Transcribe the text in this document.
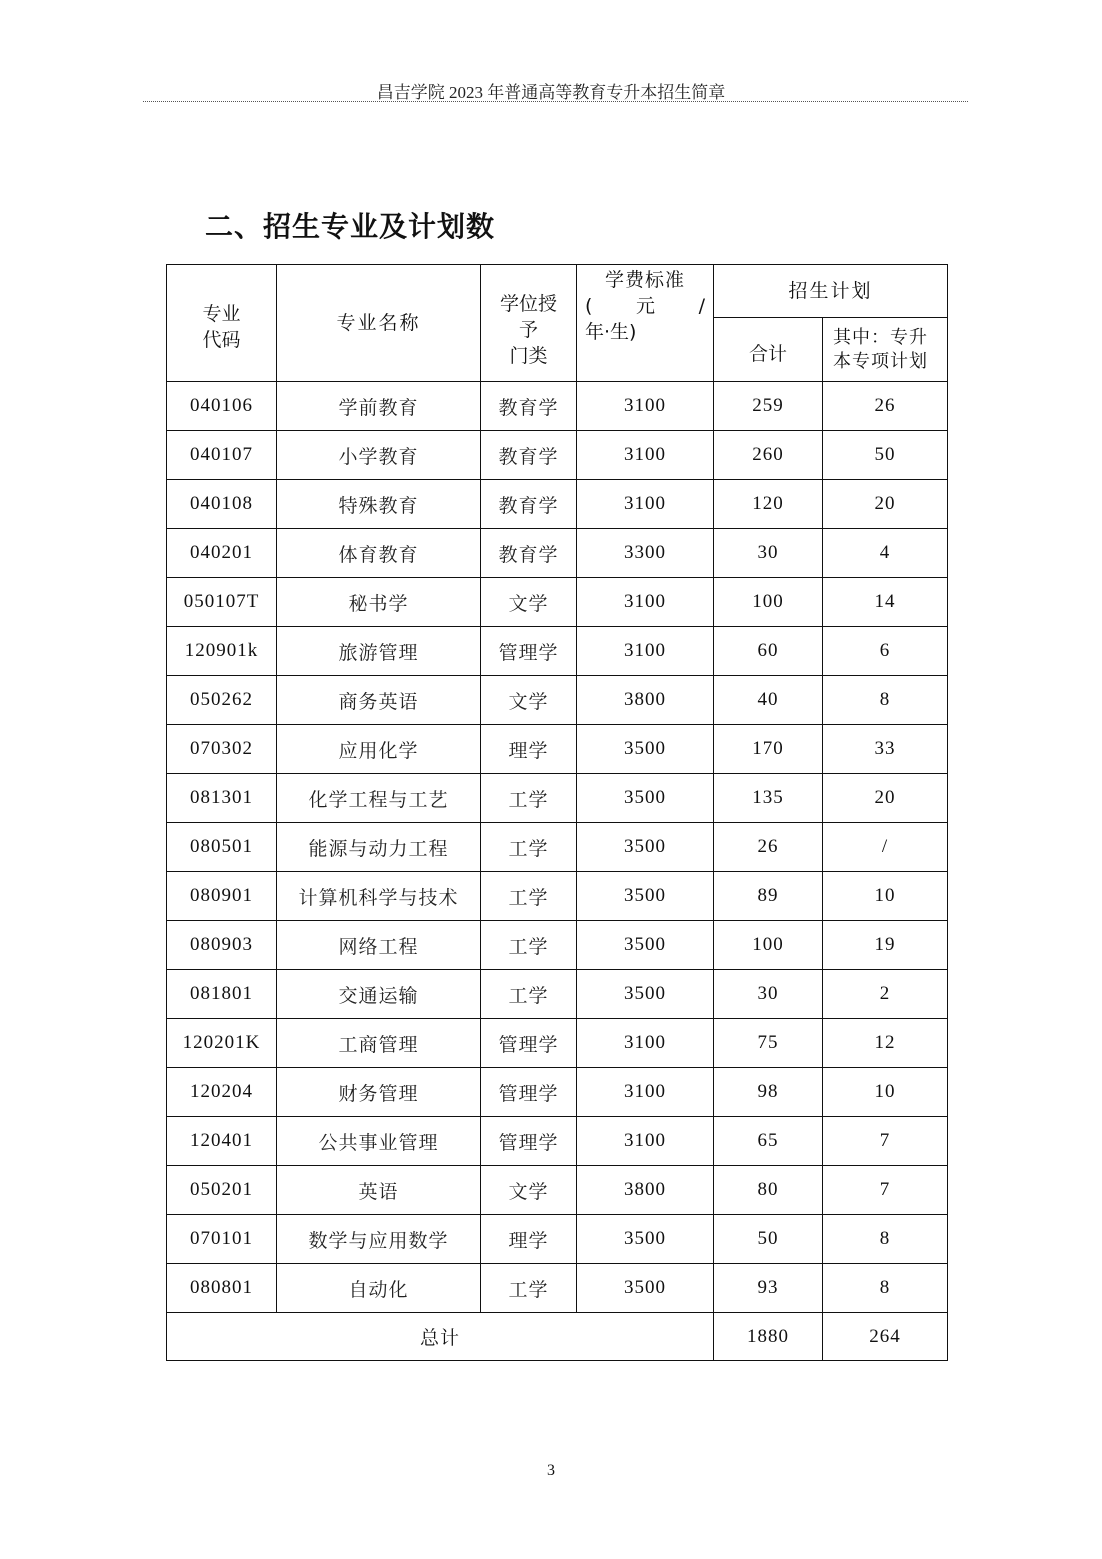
昌吉学院 2023 年普通高等教育专升本招生简章
二、招生专业及计划数
专业
代码

专业名称

学位授
予
门类

学费标准
( 元 /
年·生)

招生计划

				合计	其中：专升
本专项计划

040106	学前教育	教育学	3100	259	26
040107	小学教育	教育学	3100	260	50
040108	特殊教育	教育学	3100	120	20
040201	体育教育	教育学	3300	30	4
050107T	秘书学	文学	3100	100	14
120901k	旅游管理	管理学	3100	60	6
050262	商务英语	文学	3800	40	8
070302	应用化学	理学	3500	170	33
081301	化学工程与工艺	工学	3500	135	20
080501	能源与动力工程	工学	3500	26	/
080901	计算机科学与技术	工学	3500	89	10
080903	网络工程	工学	3500	100	19
081801	交通运输	工学	3500	30	2
120201K	工商管理	管理学	3100	75	12
120204	财务管理	管理学	3100	98	10
120401	公共事业管理	管理学	3100	65	7
050201	英语	文学	3800	80	7
070101	数学与应用数学	理学	3500	50	8
080801	自动化	工学	3500	93	8
总计				1880	264
3
